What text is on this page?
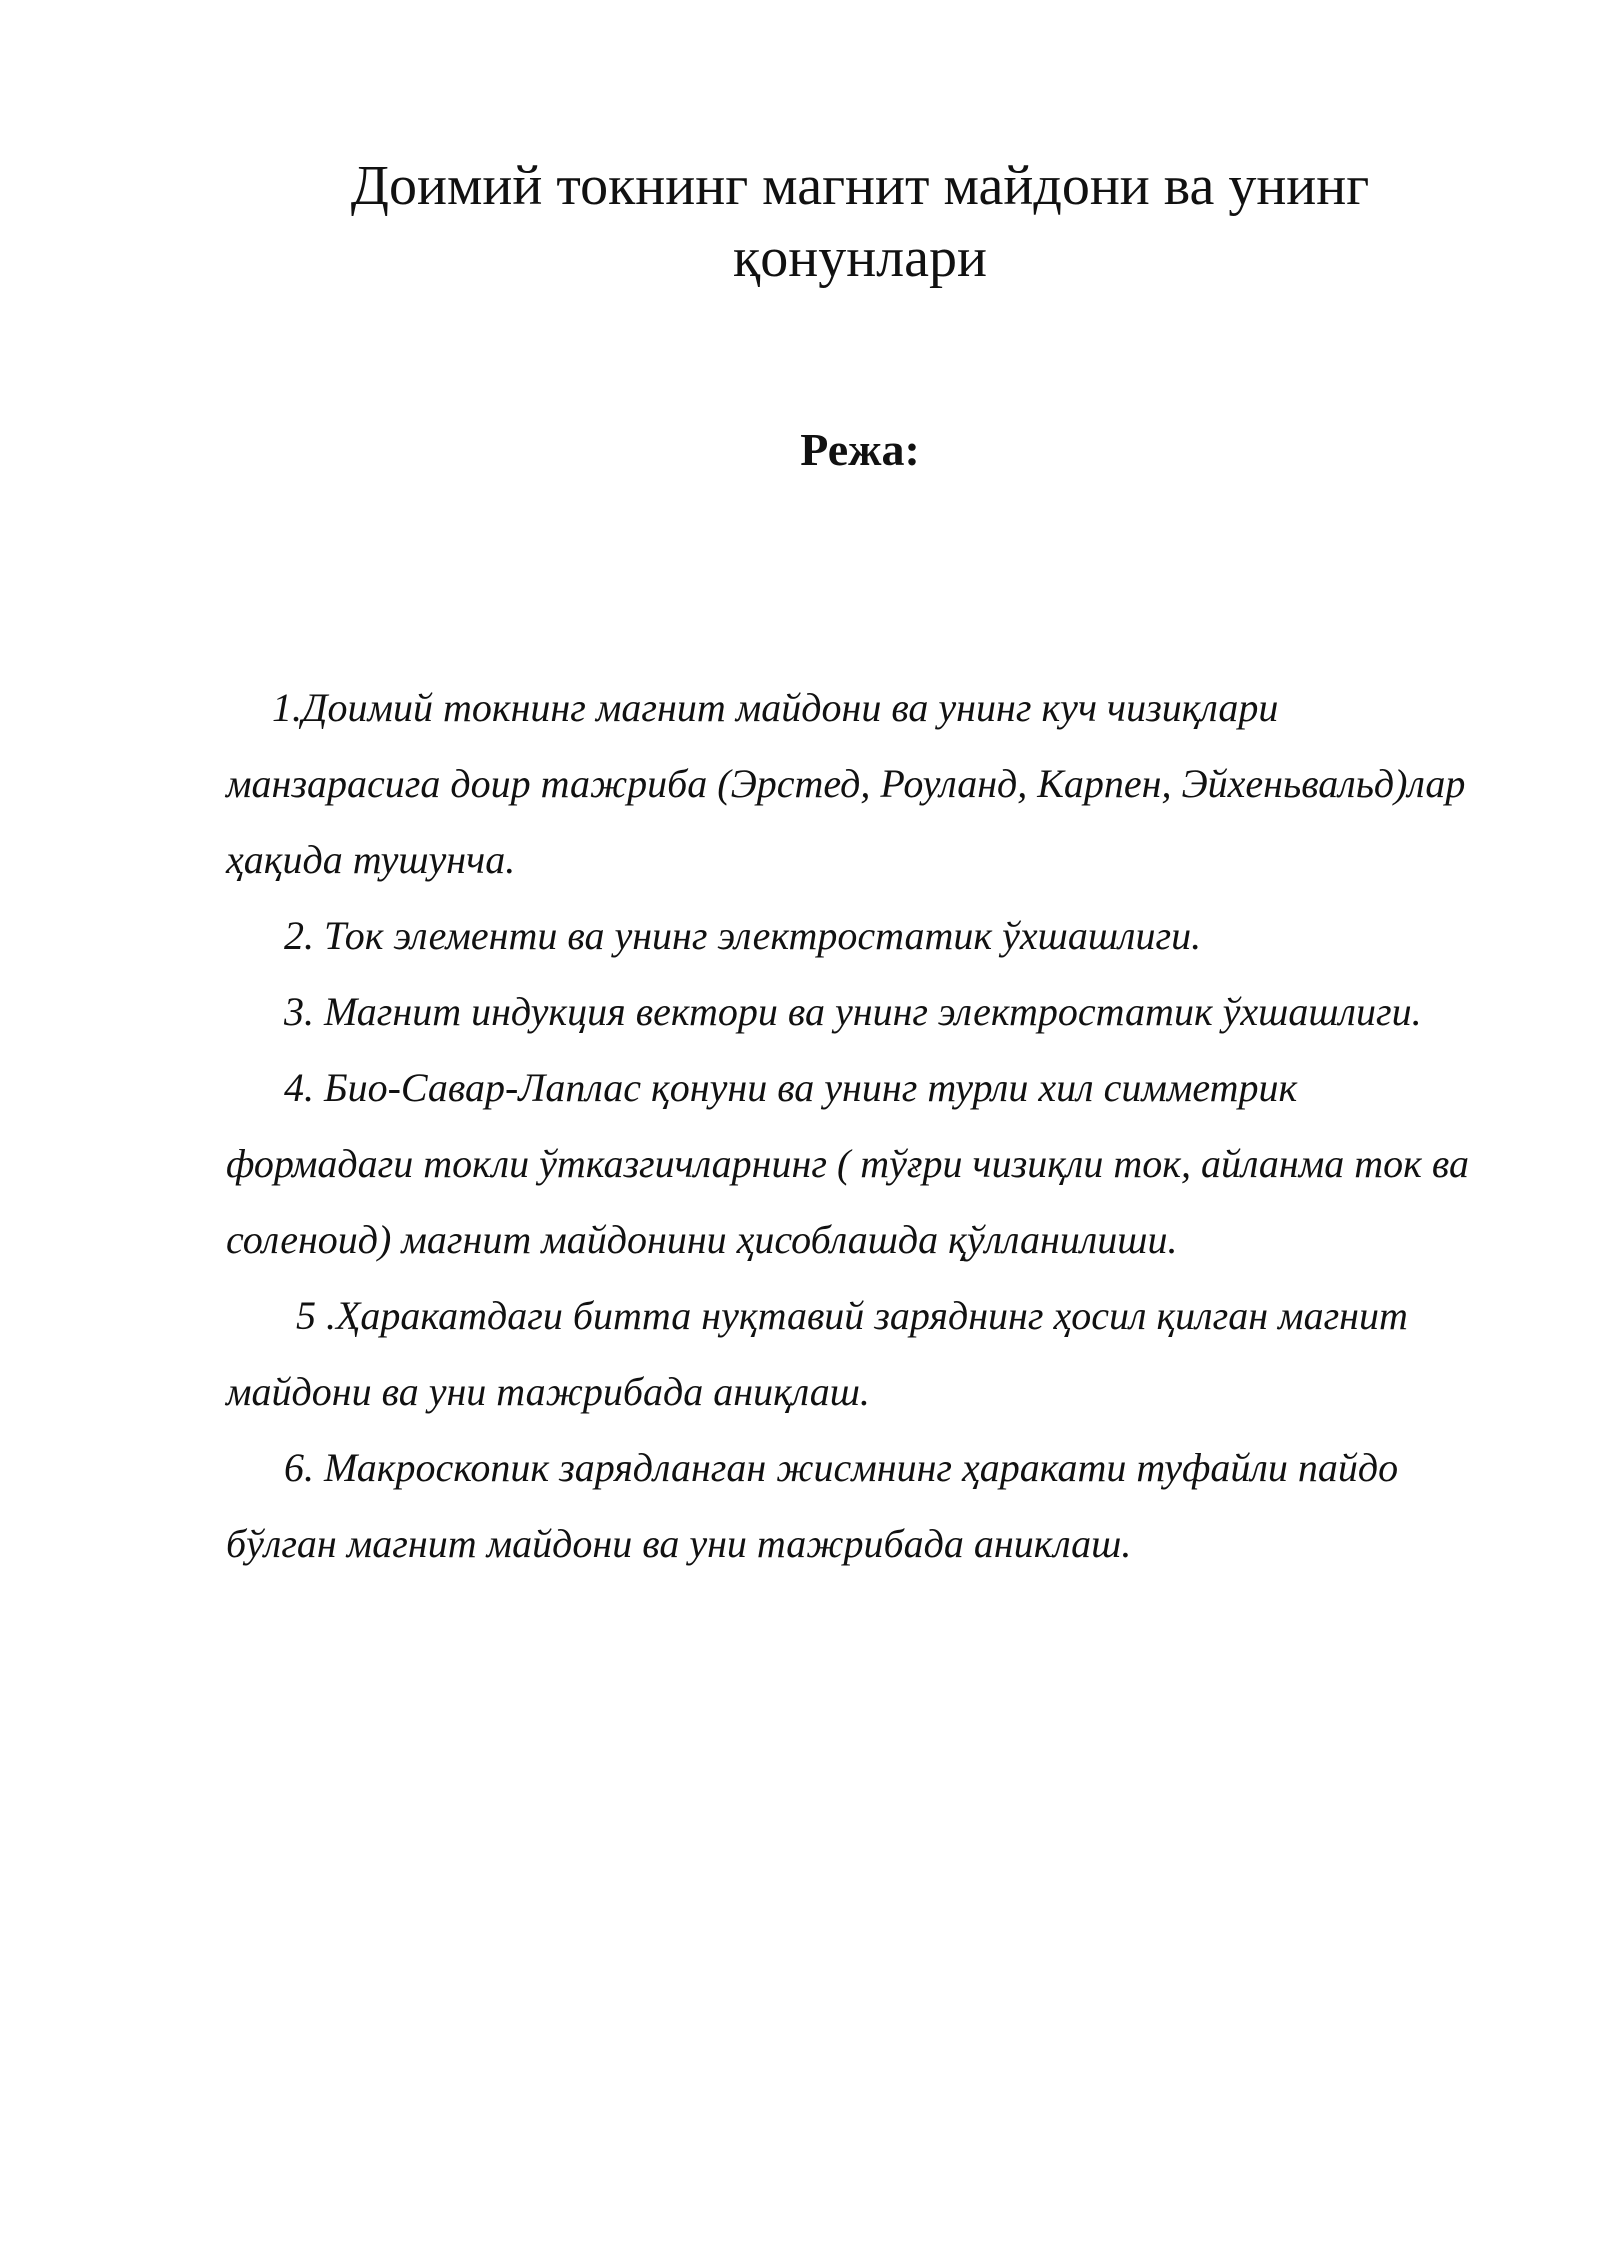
Доимий токнинг магнит майдони ва унинг қонунлари
Режа:

1.Доимий токнинг магнит майдони ва унинг куч чизиқлари манзарасига доир тажриба (Эрстед, Роуланд, Карпен, Эйхеньвальд)лар ҳақида тушунча.

2. Ток элементи ва унинг электростатик ўхшашлиги.

3. Магнит индукция вектори ва унинг электростатик ўхшашлиги.

4. Био-Савар-Лаплас қонуни ва унинг турли хил симметрик формадаги токли ўтказгичларнинг ( тўғри чизиқли ток, айланма ток ва соленоид) магнит майдонини ҳисоблашда қўлланилиши.

5 .Ҳаракатдаги битта нуқтавий заряднинг ҳосил қилган магнит майдони ва уни тажрибада аниқлаш.

6. Макроскопик зарядланган жисмнинг ҳаракати туфайли пайдо бўлган магнит майдони ва уни тажрибада аниклаш.
